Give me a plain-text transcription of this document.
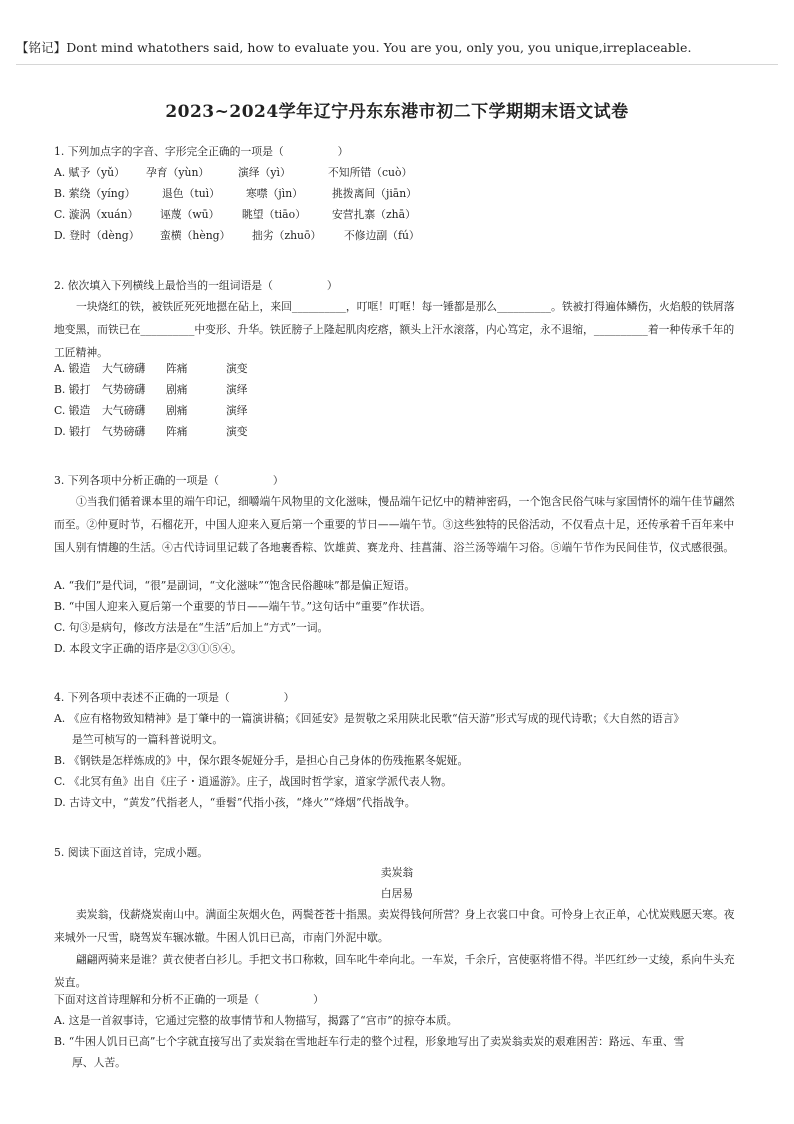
【铭记】Dont mind whatothers said, how to evaluate you. You are you, only you, you unique,irreplaceable.
2023~2024学年辽宁丹东东港市初二下学期期末语文试卷
1. 下列加点字的字音、字形完全正确的一项是（　　　　　）
A. 赋予（yǔ） 孕育（yùn）	演绎（yì）	不知所错（cuò）
B. 萦绕（yíng） 退色（tuì） 寒噤（jìn）	挑拨离间（jiān）
C. 漩涡（xuán） 诬蔑（wū） 眺望（tiāo） 安营扎寨（zhā）
D. 登时（dèng） 蛮横（hèng） 拙劣（zhuō） 不修边副（fú）
2. 依次填入下列横线上最恰当的一组词语是（　　　　　）
一块烧红的铁，被铁匠死死地摁在砧上，来回__________，叮哐！叮哐！每一锤都是那么__________。铁被打得遍体鳞伤，火焰般的铁屑落地变黑，而铁已在__________中变形、升华。铁匠膀子上隆起肌肉疙瘩，额头上汗水滚落，内心笃定，永不退缩，__________着一种传承千年的工匠精神。
A. 锻造 大气磅礴 阵痛	演变
B. 锻打 气势磅礴 剧痛	演绎
C. 锻造 大气磅礴 剧痛	演绎
D. 锻打 气势磅礴 阵痛	演变
3. 下列各项中分析正确的一项是（　　　　　）
①当我们循着课本里的端午印记，细嚼端午风物里的文化滋味，慢品端午记忆中的精神密码，一个饱含民俗气味与家国情怀的端午佳节翩然而至。②仲夏时节，石榴花开，中国人迎来入夏后第一个重要的节日——端午节。③这些独特的民俗活动，不仅看点十足，还传承着千百年来中国人别有情趣的生活。④古代诗词里记载了各地裹香粽、饮雄黄、赛龙舟、挂菖蒲、浴兰汤等端午习俗。⑤端午节作为民间佳节，仪式感很强。
A. “我们”是代词，“很”是副词，“文化滋味”“饱含民俗趣味”都是偏正短语。
B. “中国人迎来入夏后第一个重要的节日——端午节。”这句话中“重要”作状语。
C. 句③是病句，修改方法是在“生活”后加上“方式”一词。
D. 本段文字正确的语序是②③①⑤④。
4. 下列各项中表述不正确的一项是（　　　　　）
A. 《应有格物致知精神》是丁肇中的一篇演讲稿；《回延安》是贺敬之采用陕北民歌“信天游”形式写成的现代诗歌；《大自然的语言》
是竺可桢写的一篇科普说明文。
B. 《钢铁是怎样炼成的》中，保尔跟冬妮娅分手，是担心自己身体的伤残拖累冬妮娅。
C. 《北冥有鱼》出自《庄子・逍遥游》。庄子，战国时哲学家，道家学派代表人物。
D. 古诗文中，“黄发”代指老人，“垂髫”代指小孩，“烽火”“烽烟”代指战争。
5. 阅读下面这首诗，完成小题。
卖炭翁
白居易
卖炭翁，伐薪烧炭南山中。满面尘灰烟火色，两鬓苍苍十指黑。卖炭得钱何所营？身上衣裳口中食。可怜身上衣正单，心忧炭贱愿天寒。夜来城外一尺雪，晓驾炭车辗冰辙。牛困人饥日已高，市南门外泥中歇。
翩翩两骑来是谁？黄衣使者白衫儿。手把文书口称敕，回车叱牛牵向北。一车炭，千余斤，宫使驱将惜不得。半匹红纱一丈绫，系向牛头充炭直。
下面对这首诗理解和分析不正确的一项是（　　　　　）
A. 这是一首叙事诗，它通过完整的故事情节和人物描写，揭露了“宫市”的掠夺本质。
B. “牛困人饥日已高”七个字就直接写出了卖炭翁在雪地赶车行走的整个过程，形象地写出了卖炭翁卖炭的艰难困苦：路远、车重、雪
厚、人苦。
